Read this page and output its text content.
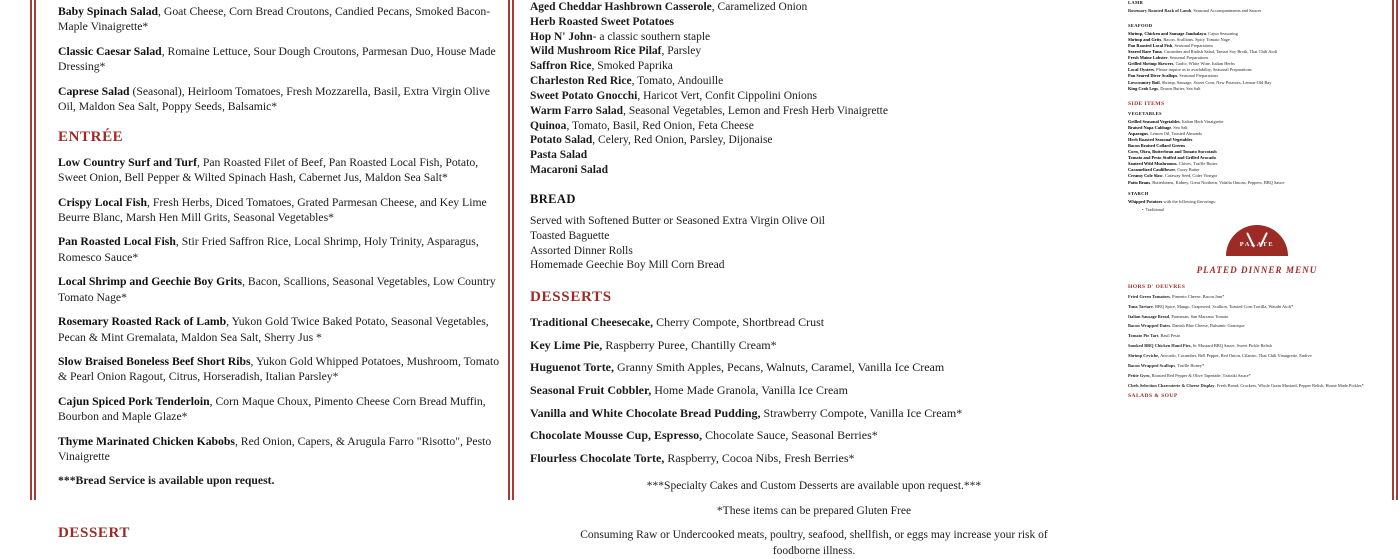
Baby Spinach Salad, Goat Cheese, Corn Bread Croutons, Candied Pecans, Smoked Bacon-Maple Vinaigrette*
Classic Caesar Salad, Romaine Lettuce, Sour Dough Croutons, Parmesan Duo, House Made Dressing*
Caprese Salad (Seasonal), Heirloom Tomatoes, Fresh Mozzarella, Basil, Extra Virgin Olive Oil, Maldon Sea Salt, Poppy Seeds, Balsamic*
ENTRÉE
Low Country Surf and Turf, Pan Roasted Filet of Beef, Pan Roasted Local Fish, Potato, Sweet Onion, Bell Pepper & Wilted Spinach Hash, Cabernet Jus, Maldon Sea Salt*
Crispy Local Fish, Fresh Herbs, Diced Tomatoes, Grated Parmesan Cheese, and Key Lime Beurre Blanc, Marsh Hen Mill Grits, Seasonal Vegetables*
Pan Roasted Local Fish, Stir Fried Saffron Rice, Local Shrimp, Holy Trinity, Asparagus, Romesco Sauce*
Local Shrimp and Geechie Boy Grits, Bacon, Scallions, Seasonal Vegetables, Low Country Tomato Nage*
Rosemary Roasted Rack of Lamb, Yukon Gold Twice Baked Potato, Seasonal Vegetables, Pecan & Mint Gremalata, Maldon Sea Salt, Sherry Jus *
Slow Braised Boneless Beef Short Ribs, Yukon Gold Whipped Potatoes, Mushroom, Tomato & Pearl Onion Ragout, Citrus, Horseradish, Italian Parsley*
Cajun Spiced Pork Tenderloin, Corn Maque Choux, Pimento Cheese Corn Bread Muffin, Bourbon and Maple Glaze*
Thyme Marinated Chicken Kabobs, Red Onion, Capers, & Arugula Farro "Risotto", Pesto Vinaigrette
***Bread Service is available upon request.
DESSERT
Aged Cheddar Hashbrown Casserole, Caramelized Onion
Herb Roasted Sweet Potatoes
Hop N' John- a classic southern staple
Wild Mushroom Rice Pilaf, Parsley
Saffron Rice, Smoked Paprika
Charleston Red Rice, Tomato, Andouille
Sweet Potato Gnocchi, Haricot Vert, Confit Cippolini Onions
Warm Farro Salad, Seasonal Vegetables, Lemon and Fresh Herb Vinaigrette
Quinoa, Tomato, Basil, Red Onion, Feta Cheese
Potato Salad, Celery, Red Onion, Parsley, Dijonaise
Pasta Salad
Macaroni Salad
BREAD
Served with Softened Butter or Seasoned Extra Virgin Olive Oil
Toasted Baguette
Assorted Dinner Rolls
Homemade Geechie Boy Mill Corn Bread
DESSERTS
Traditional Cheesecake, Cherry Compote, Shortbread Crust
Key Lime Pie, Raspberry Puree, Chantilly Cream*
Huguenot Torte, Granny Smith Apples, Pecans, Walnuts, Caramel, Vanilla Ice Cream
Seasonal Fruit Cobbler, Home Made Granola, Vanilla Ice Cream
Vanilla and White Chocolate Bread Pudding, Strawberry Compote, Vanilla Ice Cream*
Chocolate Mousse Cup, Espresso, Chocolate Sauce, Seasonal Berries*
Flourless Chocolate Torte, Raspberry, Cocoa Nibs, Fresh Berries*
***Specialty Cakes and Custom Desserts are available upon request.***
*These items can be prepared Gluten Free
Consuming Raw or Undercooked meats, poultry, seafood, shellfish, or eggs may increase your risk of foodborne illness.
LAMB
Rosemary Roasted Rack of Lamb, Seasonal Accompaniments and Sauces
SEAFOOD
Shrimp, Chicken and Sausage Jambalaya, Cajun Seasoning
Shrimp and Grits, Bacon, Scallions, Spicy Tomato Nage
Pan Roasted Local Fish, Seasonal Preparations
Seared Rare Tuna, Cucumber and Radish Salad, Tamari Soy Broth, Thai Chili Aioli
Fresh Maine Lobster, Seasonal Preparations
Grilled Shrimp Skewers, Garlic, White Wine, Italian Herbs
Local Oysters, Please inquire as to availability, Seasonal Preparations
Pan Seared Diver Scallops, Seasonal Preparations
Lowcountry Boil, Shrimp, Sausage, Sweet Corn, New Potatoes, Lemon-Old Bay
King Crab Legs, Drawn Butter, Sea Salt
SIDE ITEMS
VEGETABLES
Grilled Seasonal Vegetables, Italian Herb Vinaigrette
Braised Napa Cabbage, Sea Salt
Asparagus, Lemon Oil, Toasted Almonds
Herb Roasted Seasonal Vegetables
Bacon Braised Collard Greens
Corn, Okra, Butterbean and Tomato Succotash
Tomato and Pesto Stuffed and Grilled Avocado
Sauteed Wild Mushrooms, Chives, Truffle Butter
Caramelized Cauliflower, Curry Butter
Creamy Cole Slaw, Caraway Seed, Cider Vinegar
Patio Beans, Butterbeans, Kidney, Great Northern, Vidalia Onions, Peppers, BBQ Sauce
STARCH
Whipped Potatoes with the following flavorings:
•  Traditional
PALATE
PLATED DINNER MENU
HORS D' OEUVRES
Fried Green Tomatoes, Pimento Cheese, Bacon Jam*
Tuna Tartare, BBQ Spice, Mango, Grapeseed, Scallion, Toasted Corn Tortilla, Wasabi Aioli*
Italian Sausage Bread, Parmesan, San Marzano Tomato
Bacon Wrapped Dates, Danish Blue Cheese, Balsamic Gastrique
Tomato Pie Tart, Basil Pesto
Smoked BBQ Chicken Hand Pies, Sc Mustard BBQ Sauce, Sweet Pickle Relish
Shrimp Ceviche, Avocado, Cucumber, Bell Pepper, Red Onion, Cilantro, Thai Chili Vinaigrette, Endive
Bacon Wrapped Scallops, Truffle Honey*
Petite Gyro, Roasted Red Pepper & Olive Tapenade, Tzatziki Sauce*
Chefs Selection Charcuterie & Cheese Display, Fresh Bread, Crackers, Whole Grain Mustard, Pepper Relish, House Made Pickles*
SALADS & SOUP
